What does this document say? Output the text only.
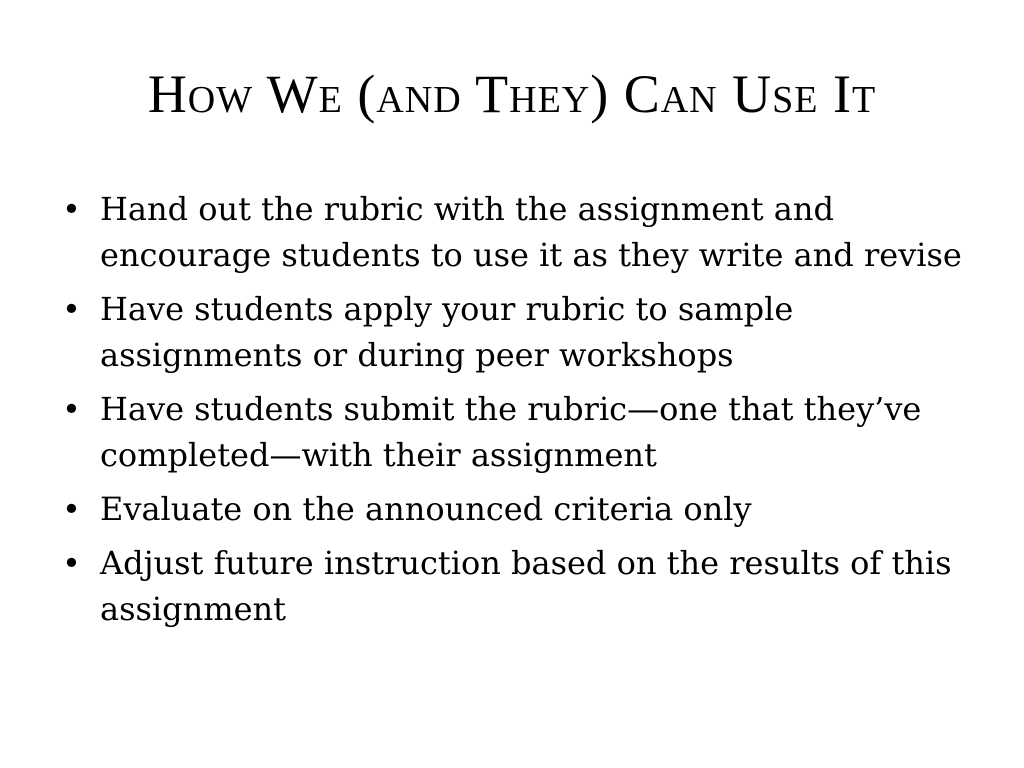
How We (and They) Can Use It
• Hand out the rubric with the assignment and encourage students to use it as they write and revise
• Have students apply your rubric to sample assignments or during peer workshops
• Have students submit the rubric—one that they’ve completed—with their assignment
• Evaluate on the announced criteria only
• Adjust future instruction based on the results of this assignment
